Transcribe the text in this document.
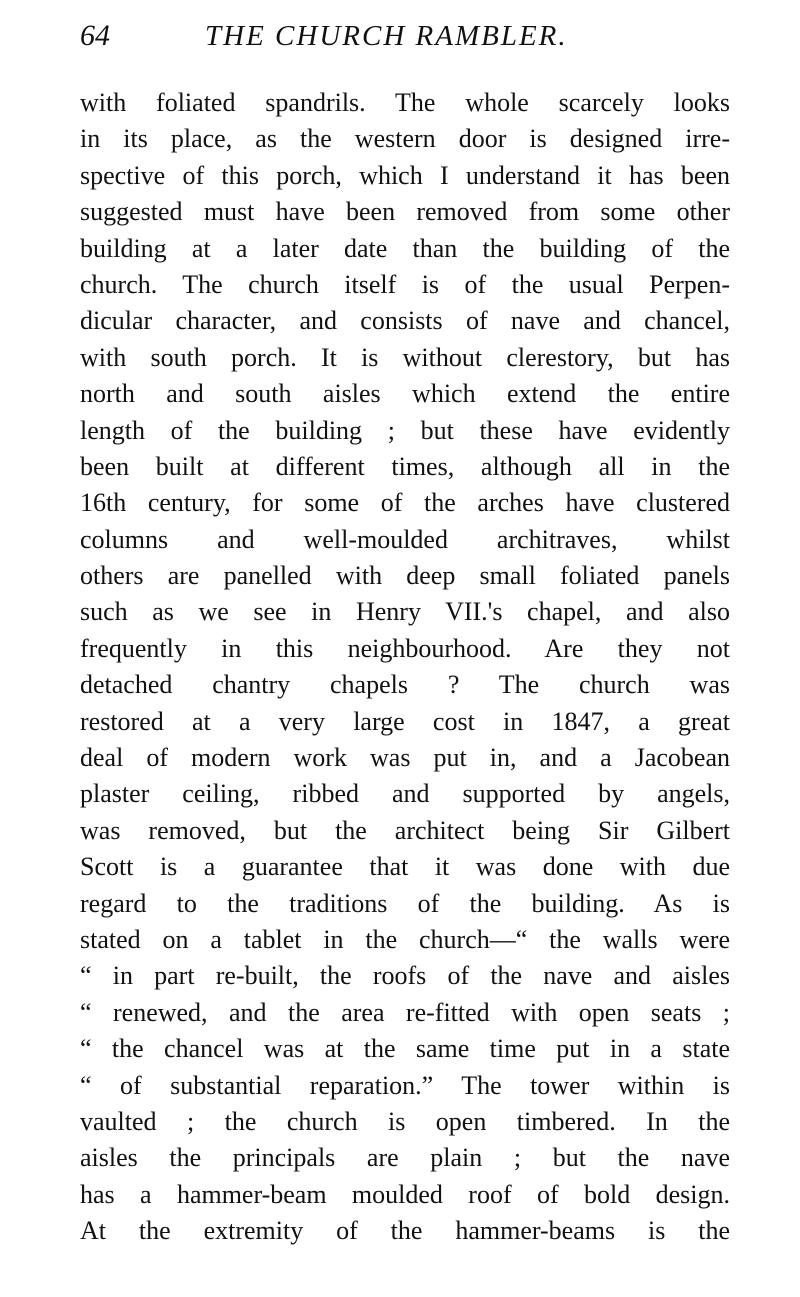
64	THE CHURCH RAMBLER.
with foliated spandrils. The whole scarcely looks
in its place, as the western door is designed irre-
spective of this porch, which I understand it has been
suggested must have been removed from some other
building at a later date than the building of the
church. The church itself is of the usual Perpen-
dicular character, and consists of nave and chancel,
with south porch. It is without clerestory, but has
north and south aisles which extend the entire
length of the building ; but these have evidently
been built at different times, although all in the
16th century, for some of the arches have clustered
columns and well-moulded architraves, whilst
others are panelled with deep small foliated panels
such as we see in Henry VII.'s chapel, and also
frequently in this neighbourhood. Are they not
detached chantry chapels ? The church was
restored at a very large cost in 1847, a great
deal of modern work was put in, and a Jacobean
plaster ceiling, ribbed and supported by angels,
was removed, but the architect being Sir Gilbert
Scott is a guarantee that it was done with due
regard to the traditions of the building. As is
stated on a tablet in the church—“ the walls were
“ in part re-built, the roofs of the nave and aisles
“ renewed, and the area re-fitted with open seats ;
“ the chancel was at the same time put in a state
“ of substantial reparation.” The tower within is
vaulted ; the church is open timbered. In the
aisles the principals are plain ; but the nave
has a hammer-beam moulded roof of bold design.
At the extremity of the hammer-beams is the
